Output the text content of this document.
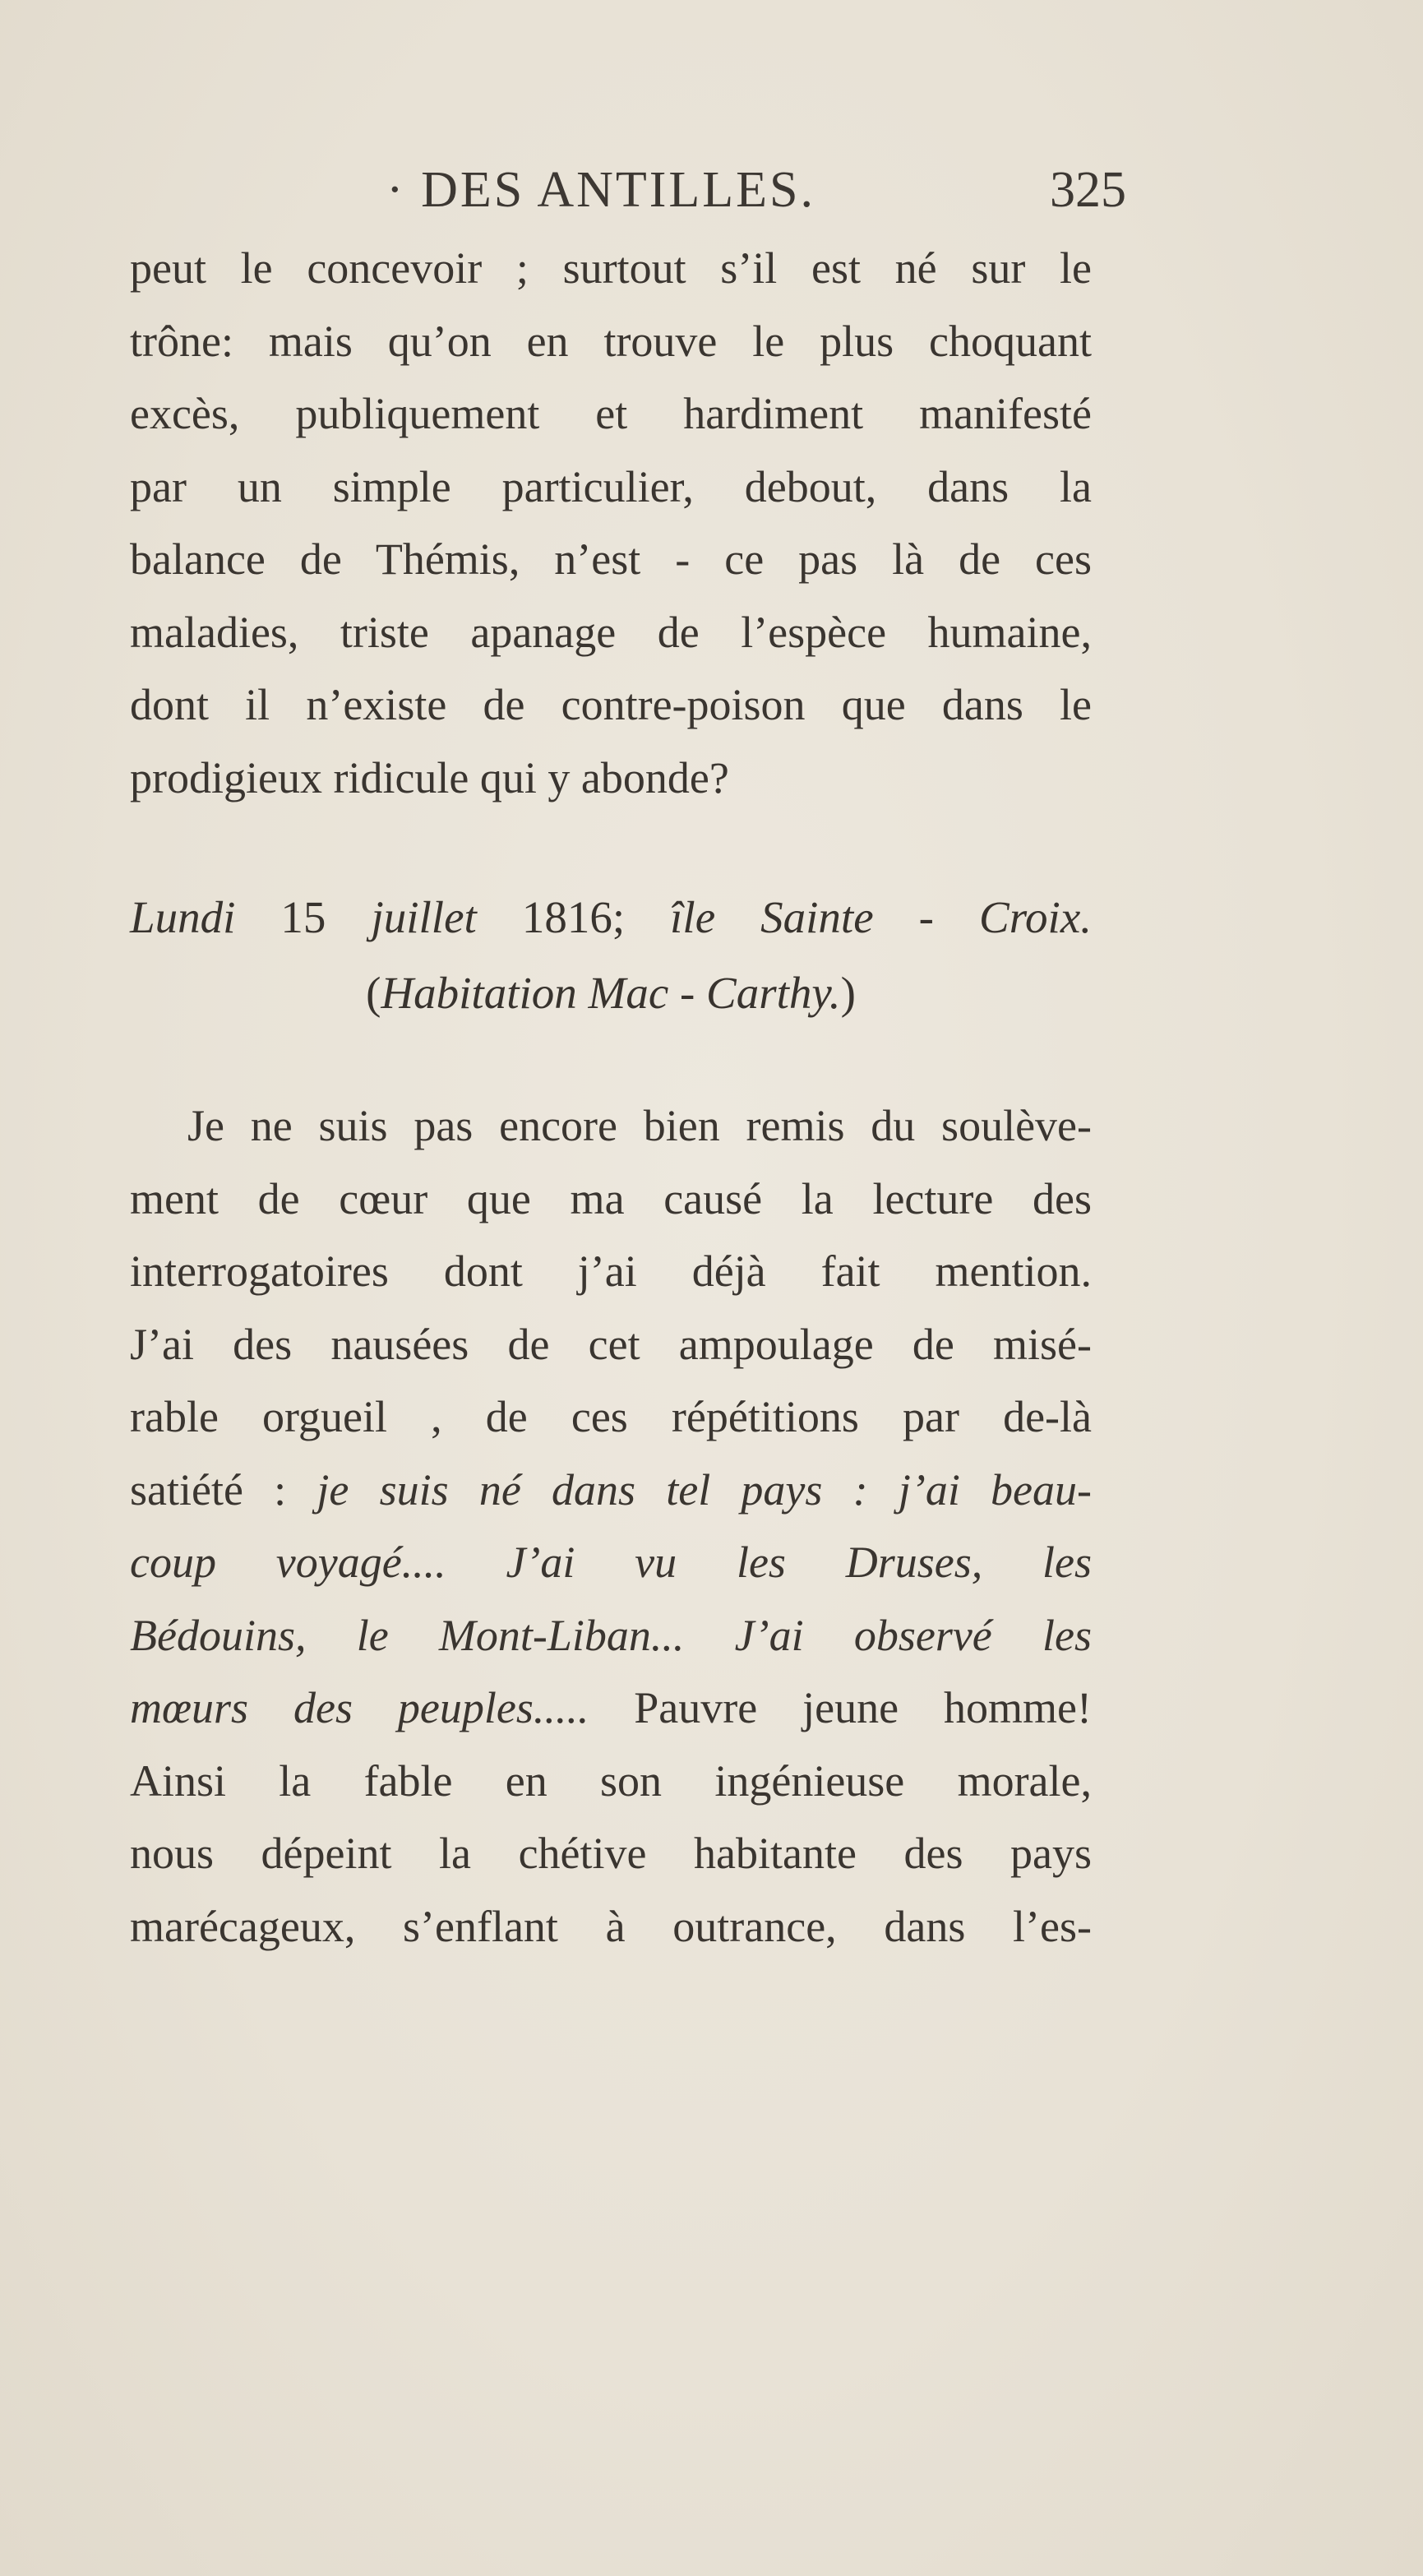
· DES ANTILLES.	325
peut le concevoir ; surtout s’il est né sur le
trône: mais qu’on en trouve le plus choquant
excès, publiquement et hardiment manifesté
par un simple particulier, debout, dans la
balance de Thémis, n’est - ce pas là de ces
maladies, triste apanage de l’espèce humaine,
dont il n’existe de contre-poison que dans le
prodigieux ridicule qui y abonde?
Lundi 15 juillet 1816; île Sainte - Croix.
(Habitation Mac - Carthy.)
Je ne suis pas encore bien remis du soulève-
ment de cœur que ma causé la lecture des
interrogatoires dont j’ai déjà fait mention.
J’ai des nausées de cet ampoulage de misé-
rable orgueil , de ces répétitions par de-là
satiété : je suis né dans tel pays : j’ai beau-
coup voyagé.... J’ai vu les Druses, les
Bédouins, le Mont-Liban... J’ai observé les
mœurs des peuples..... Pauvre jeune homme!
Ainsi la fable en son ingénieuse morale,
nous dépeint la chétive habitante des pays
marécageux, s’enflant à outrance, dans l’es-
